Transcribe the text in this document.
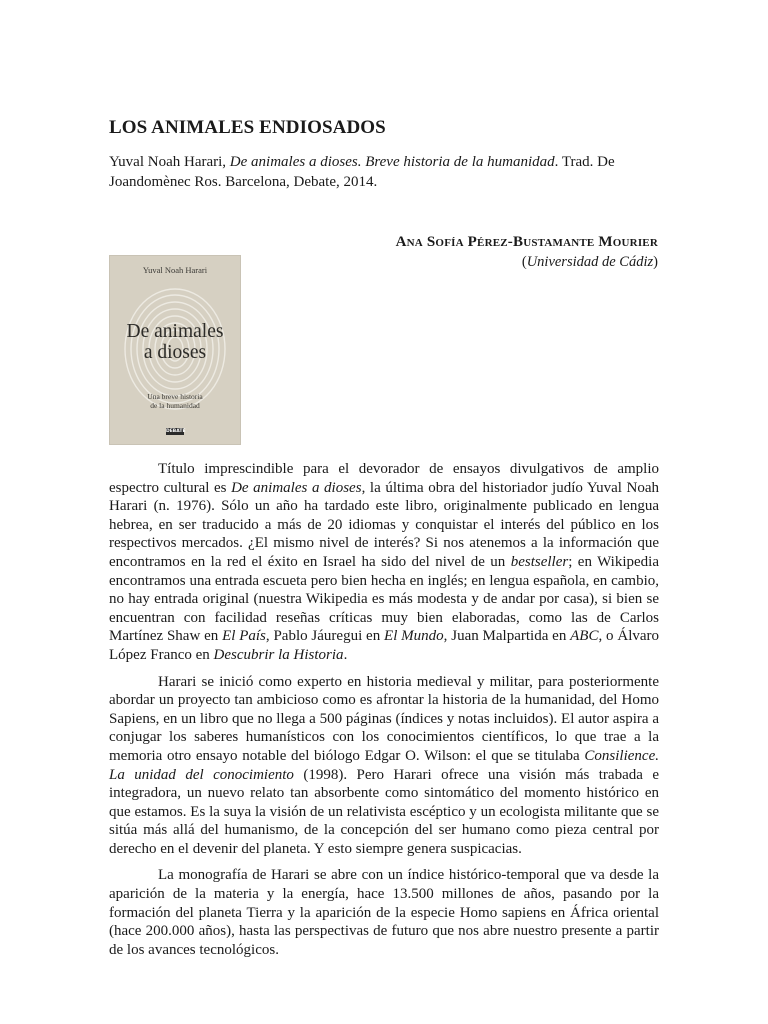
LOS ANIMALES ENDIOSADOS

Yuval Noah Harari, De animales a dioses. Breve historia de la humanidad. Trad. De Joandomènec Ros. Barcelona, Debate, 2014.

Ana Sofía Pérez-Bustamante Mourier
(Universidad de Cádiz)
Yuval Noah Harari
De animales
a dioses
Una breve historia
de la humanidad
DEBATE

Título imprescindible para el devorador de ensayos divulgativos de amplio espectro cultural es De animales a dioses, la última obra del historiador judío Yuval Noah Harari (n. 1976). Sólo un año ha tardado este libro, originalmente publicado en lengua hebrea, en ser traducido a más de 20 idiomas y conquistar el interés del público en los respectivos mercados. ¿El mismo nivel de interés? Si nos atenemos a la información que encontramos en la red el éxito en Israel ha sido del nivel de un bestseller; en Wikipedia encontramos una entrada escueta pero bien hecha en inglés; en lengua española, en cambio, no hay entrada original (nuestra Wikipedia es más modesta y de andar por casa), si bien se encuentran con facilidad reseñas críticas muy bien elaboradas, como las de Carlos Martínez Shaw en El País, Pablo Jáuregui en El Mundo, Juan Malpartida en ABC, o Álvaro López Franco en Descubrir la Historia.

Harari se inició como experto en historia medieval y militar, para posteriormente abordar un proyecto tan ambicioso como es afrontar la historia de la humanidad, del Homo Sapiens, en un libro que no llega a 500 páginas (índices y notas incluidos). El autor aspira a conjugar los saberes humanísticos con los conocimientos científicos, lo que trae a la memoria otro ensayo notable del biólogo Edgar O. Wilson: el que se titulaba Consilience. La unidad del conocimiento (1998). Pero Harari ofrece una visión más trabada e integradora, un nuevo relato tan absorbente como sintomático del momento histórico en que estamos. Es la suya la visión de un relativista escéptico y un ecologista militante que se sitúa más allá del humanismo, de la concepción del ser humano como pieza central por derecho en el devenir del planeta. Y esto siempre genera suspicacias.

La monografía de Harari se abre con un índice histórico-temporal que va desde la aparición de la materia y la energía, hace 13.500 millones de años, pasando por la formación del planeta Tierra y la aparición de la especie Homo sapiens en África oriental (hace 200.000 años), hasta las perspectivas de futuro que nos abre nuestro presente a partir de los avances tecnológicos.
